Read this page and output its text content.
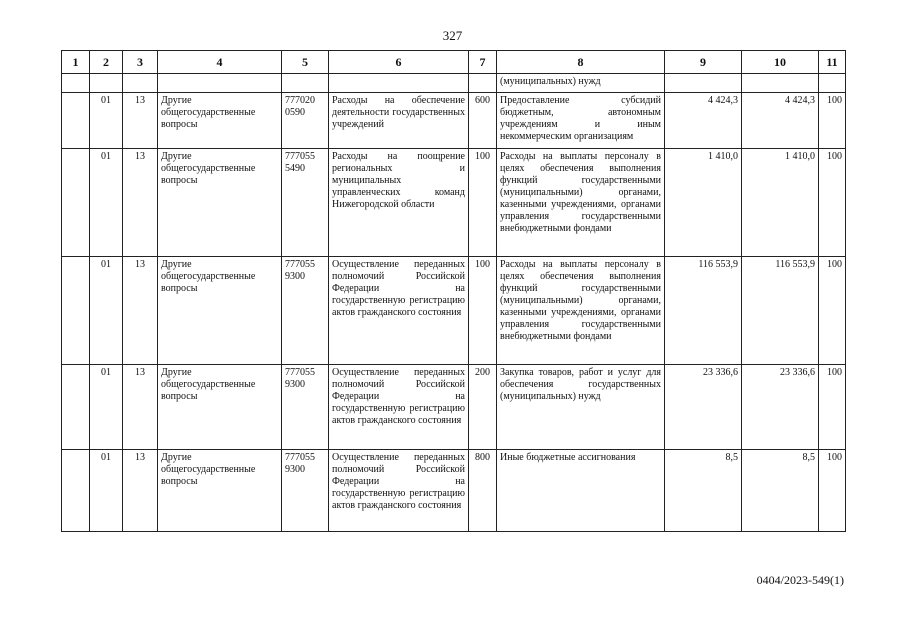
327
1	2	3	4	5	6	7	8	9	10	11
							(муниципальных) нужд			
	01	13	Другие общегосударственные вопросы	777020 0590	Расходы на обеспечение деятельности государственных учреждений	600	Предоставление субсидий бюджетным, автономным учреждениям и иным некоммерческим организациям	4 424,3	4 424,3	100
	01	13	Другие общегосударственные вопросы	777055 5490	Расходы на поощрение региональных и муниципальных управленческих команд Нижегородской области	100	Расходы на выплаты персоналу в целях обеспечения выполнения функций государственными (муниципальными) органами, казенными учреждениями, органами управления государственными внебюджетными фондами	1 410,0	1 410,0	100
	01	13	Другие общегосударственные вопросы	777055 9300	Осуществление переданных полномочий Российской Федерации на государственную регистрацию актов гражданского состояния	100	Расходы на выплаты персоналу в целях обеспечения выполнения функций государственными (муниципальными) органами, казенными учреждениями, органами управления государственными внебюджетными фондами	116 553,9	116 553,9	100
	01	13	Другие общегосударственные вопросы	777055 9300	Осуществление переданных полномочий Российской Федерации на государственную регистрацию актов гражданского состояния	200	Закупка товаров, работ и услуг для обеспечения государственных (муниципальных) нужд	23 336,6	23 336,6	100
	01	13	Другие общегосударственные вопросы	777055 9300	Осуществление переданных полномочий Российской Федерации на государственную регистрацию актов гражданского состояния	800	Иные бюджетные ассигнования	8,5	8,5	100
0404/2023-549(1)
